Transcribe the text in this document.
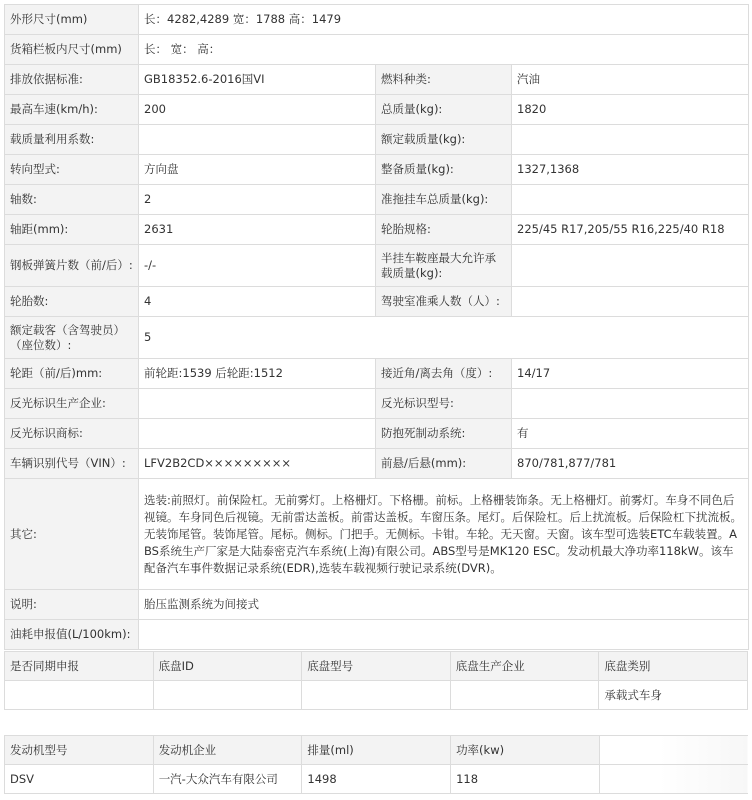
外形尺寸(mm)	长：4282,4289 宽：1788 高：1479		
货箱栏板内尺寸(mm)	长： 宽： 高：		
排放依据标准:	GB18352.6-2016国VI	燃料种类:	汽油
最高车速(km/h):	200	总质量(kg):	1820
载质量利用系数:		额定载质量(kg):	
转向型式:	方向盘	整备质量(kg):	1327,1368
轴数:	2	准拖挂车总质量(kg):	
轴距(mm):	2631	轮胎规格:	225/45 R17,205/55 R16,225/40 R18
钢板弹簧片数（前/后）:	-/-	半挂车鞍座最大允许承载质量(kg):	
轮胎数:	4	驾驶室准乘人数（人）:	
额定载客（含驾驶员）（座位数）:	5		
轮距（前/后)mm:	前轮距:1539 后轮距:1512	接近角/离去角（度）:	14/17
反光标识生产企业:		反光标识型号:	
反光标识商标:		防抱死制动系统:	有
车辆识别代号（VIN）:	LFV2B2CD×××××××××	前悬/后悬(mm):	870/781,877/781
其它:	选装:前照灯。前保险杠。无前雾灯。上格栅灯。下格栅。前标。上格栅装饰条。无上格栅灯。前雾灯。车身不同色后视镜。车身同色后视镜。无前雷达盖板。前雷达盖板。车窗压条。尾灯。后保险杠。后上扰流板。后保险杠下扰流板。无装饰尾管。装饰尾管。尾标。侧标。门把手。无侧标。卡钳。车轮。无天窗。天窗。该车型可选装ETC车载装置。ABS系统生产厂家是大陆泰密克汽车系统(上海)有限公司。ABS型号是MK120 ESC。发动机最大净功率118kW。该车配备汽车事件数据记录系统(EDR),选装车载视频行驶记录系统(DVR)。		
说明:	胎压监测系统为间接式		
油耗申报值(L/100km):			
是否同期申报	底盘ID	底盘型号	底盘生产企业	底盘类别
				承载式车身
发动机型号	发动机企业	排量(ml)	功率(kw)	
DSV	一汽-大众汽车有限公司	1498	118	
